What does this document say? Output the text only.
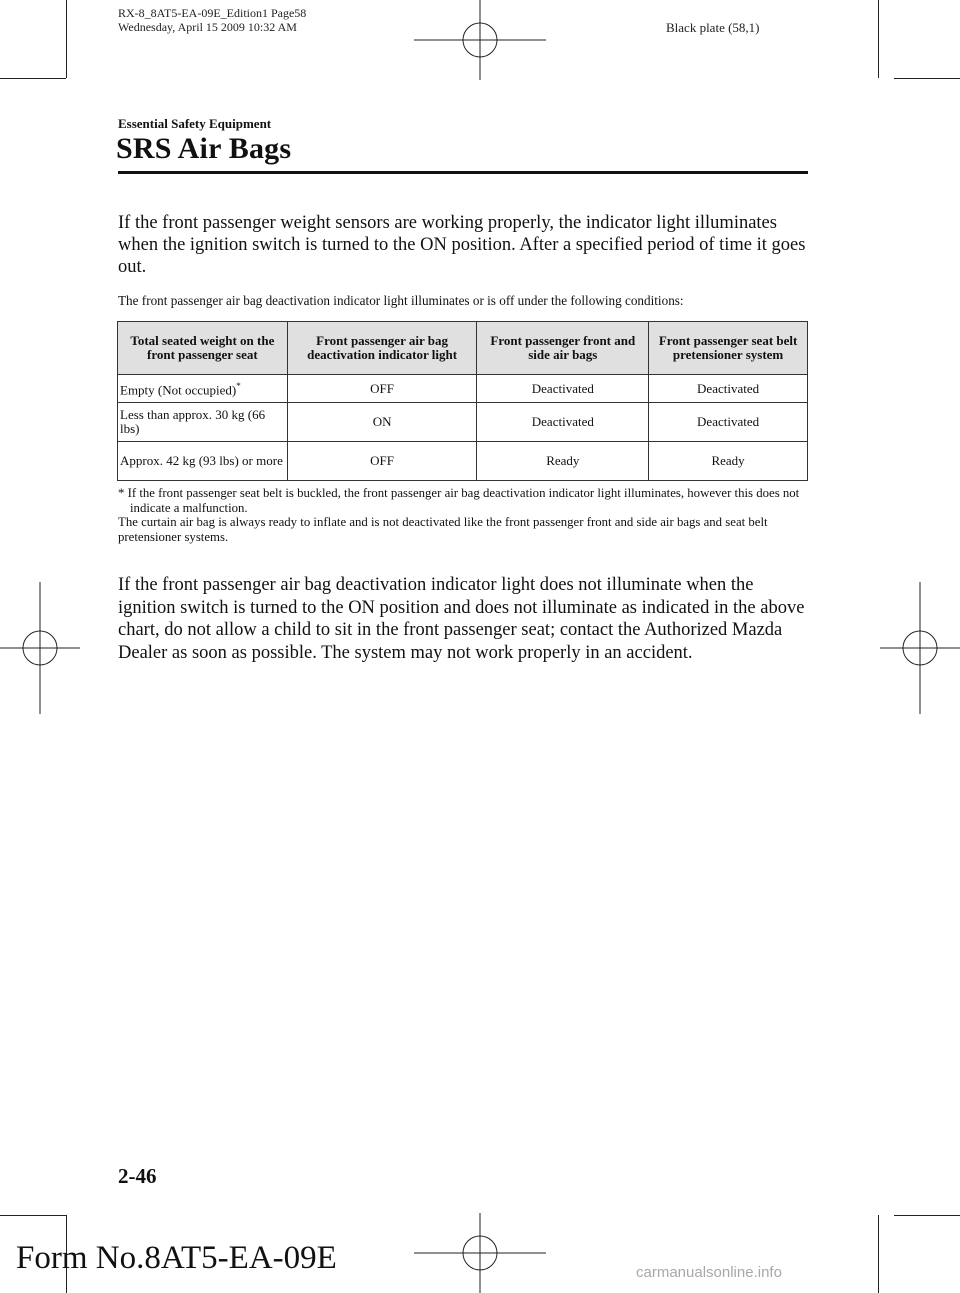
RX-8_8AT5-EA-09E_Edition1 Page58
Wednesday, April 15 2009 10:32 AM	Black plate (58,1)
Essential Safety Equipment
SRS Air Bags
If the front passenger weight sensors are working properly, the indicator light illuminates when the ignition switch is turned to the ON position. After a specified period of time it goes out.
The front passenger air bag deactivation indicator light illuminates or is off under the following conditions:
Total seated weight on the front passenger seat	Front passenger air bag deactivation indicator light	Front passenger front and side air bags	Front passenger seat belt pretensioner system
Empty (Not occupied)*	OFF	Deactivated	Deactivated
Less than approx. 30 kg (66 lbs)	ON	Deactivated	Deactivated
Approx. 42 kg (93 lbs) or more	OFF	Ready	Ready
* If the front passenger seat belt is buckled, the front passenger air bag deactivation indicator light illuminates, however this does not indicate a malfunction.
The curtain air bag is always ready to inflate and is not deactivated like the front passenger front and side air bags and seat belt pretensioner systems.
If the front passenger air bag deactivation indicator light does not illuminate when the ignition switch is turned to the ON position and does not illuminate as indicated in the above chart, do not allow a child to sit in the front passenger seat; contact the Authorized Mazda Dealer as soon as possible. The system may not work properly in an accident.
2-46
Form No.8AT5-EA-09E	carmanualsonline.info
